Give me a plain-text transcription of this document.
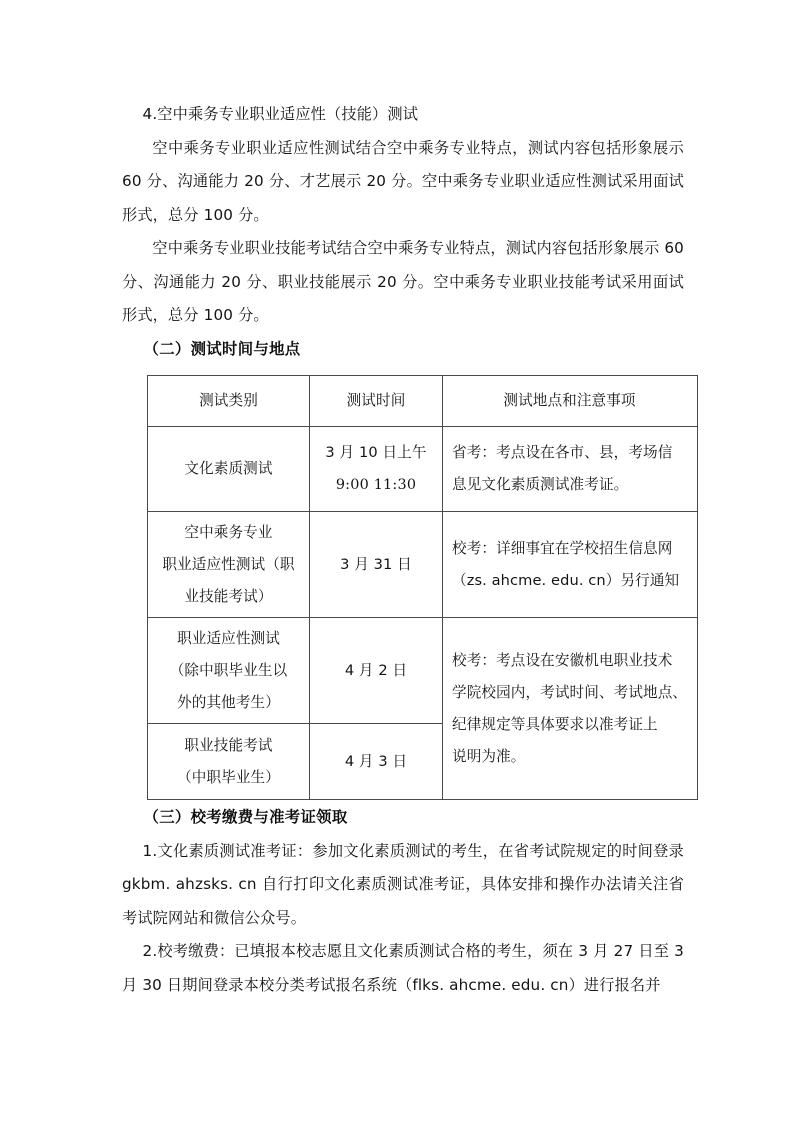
4.空中乘务专业职业适应性（技能）测试

空中乘务专业职业适应性测试结合空中乘务专业特点，测试内容包括形象展示 60 分、沟通能力 20 分、才艺展示 20 分。空中乘务专业职业适应性测试采用面试形式，总分 100 分。

空中乘务专业职业技能考试结合空中乘务专业特点，测试内容包括形象展示 60 分、沟通能力 20 分、职业技能展示 20 分。空中乘务专业职业技能考试采用面试形式，总分 100 分。

（二）测试时间与地点

测试类别	测试时间	测试地点和注意事项

文化素质测试	3 月 10 日上午
9:00 11:30	省考：考点设在各市、县，考场信
息见文化素质测试准考证。

空中乘务专业
职业适应性测试（职
业技能考试）	3 月 31 日	校考：详细事宜在学校招生信息网
（zs. ahcme. edu. cn）另行通知

职业适应性测试
（除中职毕业生以
外的其他考生）	4 月 2 日	校考：考点设在安徽机电职业技术
学院校园内，考试时间、考试地点、
纪律规定等具体要求以准考证上
说明为准。

职业技能考试
（中职毕业生）	4 月 3 日	

（三）校考缴费与准考证领取

1.文化素质测试准考证：参加文化素质测试的考生，在省考试院规定的时间登录 gkbm. ahzsks. cn 自行打印文化素质测试准考证，具体安排和操作办法请关注省考试院网站和微信公众号。

2.校考缴费：已填报本校志愿且文化素质测试合格的考生，须在 3 月 27 日至 3 月 30 日期间登录本校分类考试报名系统（flks. ahcme. edu. cn）进行报名并
